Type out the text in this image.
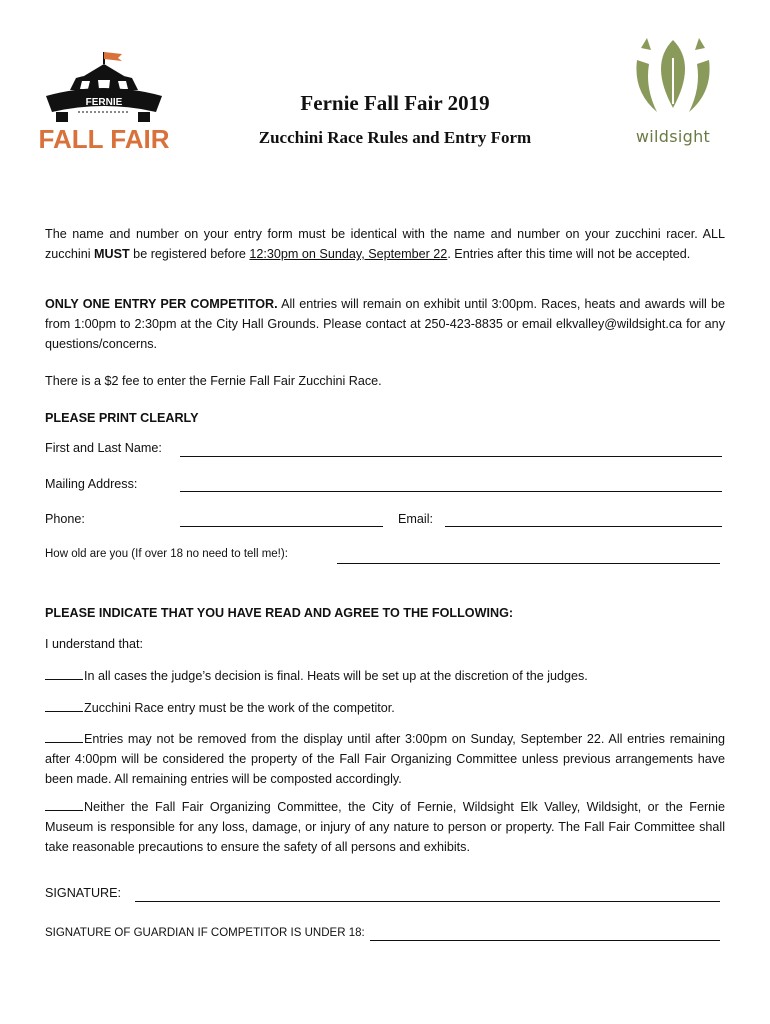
FERNIE
FALL FAIR	wildsight
Fernie Fall Fair 2019
Zucchini Race Rules and Entry Form
The name and number on your entry form must be identical with the name and number on your zucchini racer. ALL zucchini MUST be registered before 12:30pm on Sunday, September 22. Entries after this time will not be accepted.
ONLY ONE ENTRY PER COMPETITOR. All entries will remain on exhibit until 3:00pm. Races, heats and awards will be from 1:00pm to 2:30pm at the City Hall Grounds. Please contact at 250-423-8835 or email elkvalley@wildsight.ca for any questions/concerns.
There is a $2 fee to enter the Fernie Fall Fair Zucchini Race.
PLEASE PRINT CLEARLY
First and Last Name:
Mailing Address:
Phone:	Email:
How old are you (If over 18 no need to tell me!):
PLEASE INDICATE THAT YOU HAVE READ AND AGREE TO THE FOLLOWING:
I understand that:
In all cases the judge’s decision is final. Heats will be set up at the discretion of the judges.
Zucchini Race entry must be the work of the competitor.
Entries may not be removed from the display until after 3:00pm on Sunday, September 22. All entries remaining after 4:00pm will be considered the property of the Fall Fair Organizing Committee unless previous arrangements have been made. All remaining entries will be composted accordingly.
Neither the Fall Fair Organizing Committee, the City of Fernie, Wildsight Elk Valley, Wildsight, or the Fernie Museum is responsible for any loss, damage, or injury of any nature to person or property. The Fall Fair Committee shall take reasonable precautions to ensure the safety of all persons and exhibits.
SIGNATURE:
SIGNATURE OF GUARDIAN IF COMPETITOR IS UNDER 18:
